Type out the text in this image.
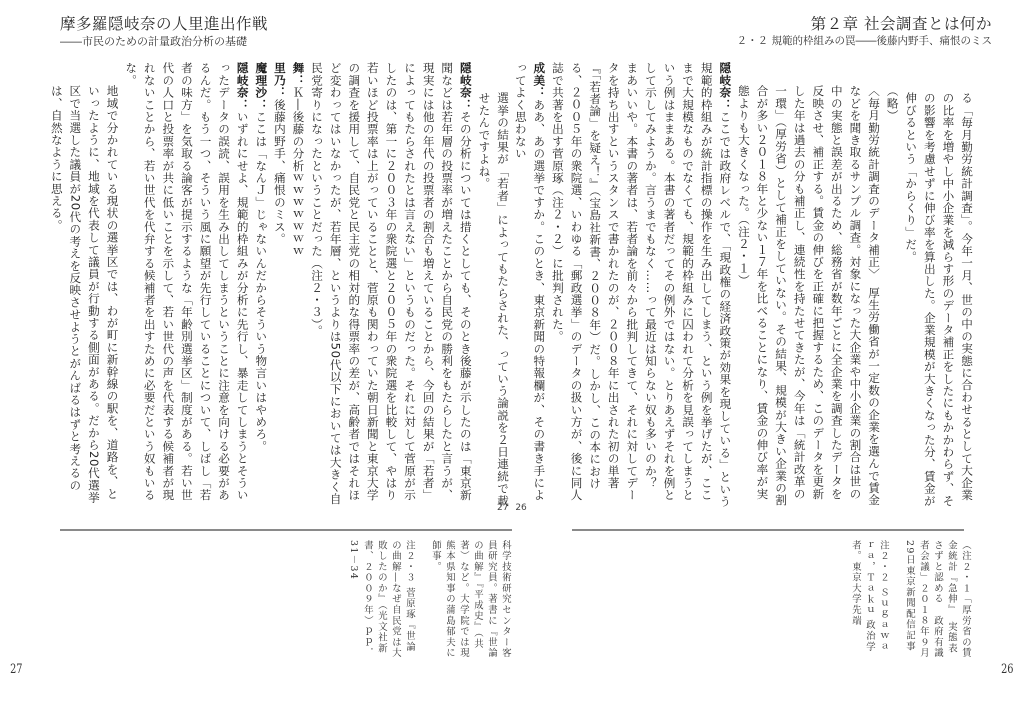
摩多羅隠岐奈の人里進出作戦
――市民のための計量政治分析の基礎
第２章 社会調査とは何か
２・２ 規範的枠組みの罠――後藤内野手、痛恨のミス

る「毎月勤労統計調査」。今年一月、世の中の実態に合わせるとして大企業の比率を増やし中小企業を減らす形のデータ補正をしたにもかかわらず、その影響を考慮せずに伸び率を算出した。企業規模が大きくなった分、賃金が伸びるという「からくり」だ。

（略）

〈毎月勤労統計調査のデータ補正〉　厚生労働省が一定数の企業を選んで賃金などを聞き取るサンプル調査。対象になった大企業や中小企業の割合は世の中の実態と誤差が出るため、総務省が数年ごとに全企業を調査したデータを反映させ、補正する。賃金の伸びを正確に把握するため、このデータを更新した年は過去の分も補正し、連続性を持たせてきたが、今年は「統計改革の一環」（厚労省）として補正をしていない。その結果、規模が大きい企業の割合が多い２０１８年と少ない１７年を比べることになり、賃金の伸び率が実態よりも大きくなった。（注２・１）

隠岐奈：ここでは政府レベルで、「現政権の経済政策が効果を現している」という規範的枠組みが統計指標の操作を生み出してしまう、という例を挙げたが、ここまで大規模なものでなくても、規範的枠組みに囚われて分析を見誤ってしまうという例はままある。本書の著者だってその例外ではない。とりあえずそれを例として示してみようか。言うまでもなく……って最近は知らない奴も多いのか？　まあいいや。本書の著者は、若者論を前々から批判してきて、それに対してデータを持ち出すというスタンスで書かれたのが、２００８年に出された初の単著『「若者論」を疑え！』（宝島社新書、２００８年）だ。しかし、この本における、２００５年の衆院選、いわゆる「郵政選挙」のデータの扱い方が、後に同人誌で共著を出す菅原琢（注２・２）に批判された。

成美：ああ、あの選挙ですか。このとき、東京新聞の特報欄が、その書き手によってよく思わない

選挙の結果が「若者」によってもたらされた、っていう論説を２日連続で載せたんですよね。

隠岐奈：その分析については措くとしても、そのとき後藤が示したのは「東京新聞などは若年層の投票率が増えたことから自民党の勝利をもたらしたと言うが、現実には他の年代の投票者の割合も増えていることから、今回の結果が「若者」によってもたらされたとは言えない」というものだった。それに対して菅原が示したのは、第一に２００３年の衆院選と２００５年の衆院選を比較して、やはり若いほど投票率は上がっていることと、菅原も関わっていた朝日新聞と東京大学の調査を援用して、自民党と民主党の相対的な得票率の差が、高齢者ではそれほど変わってはいなかったが、若年層、というよりは50代以下においては大きく自民党寄りになったということだった（注２・３）。

舞：Ｋ―後藤の分析ｗｗｗｗｗｗｗ

里乃：後藤内野手、痛恨のミス。

魔理沙：ここは「なんＪ」じゃないんだからそういう物言いはやめろ。

隠岐奈：いずれにせよ、規範的枠組みが分析に先行し、暴走してしまうとそういったデータの誤読、誤用を生み出してしまうということに注意を向ける必要があるんだ。もう一つ、そういう風に願望が先行していることについて、しばし「若者の味方」を気取る論客が提示するような「年齢別選挙区」制度がある。若い世代の人口と投票率が共に低いことを示して、若い世代の声を代表する候補者が現れないことから、若い世代を代弁する候補者を出すために必要だという奴もいるな。

地域で分かれている現状の選挙区では、わが町に新幹線の駅を、道路を、といったように、地域を代表して議員が行動する側面がある。だから20代選挙区で当選した議員が20代の考えを反映させようとがんばるはずと考えるのは、自然なように思える。

（注２・１「厚労省の賃金統計『急伸』　実態表さずと認める　政府有識者会議」２０１８年９月29日東京新聞配信記事

注２・２ Ｓｕｇａｗａｒａ，Ｔａｋｕ 政治学者。東京大学先端

科学技術研究センター客員研究員。著書に『世論の曲解』『平成史』（共著）など。大学院では現熊本県知事の蒲島郁夫に師事。

注２・３ 菅原琢『世論の曲解―なぜ自民党は大敗したのか』（光文社新書、２００９年）ｐｐ．31－34

27 26
27	26
